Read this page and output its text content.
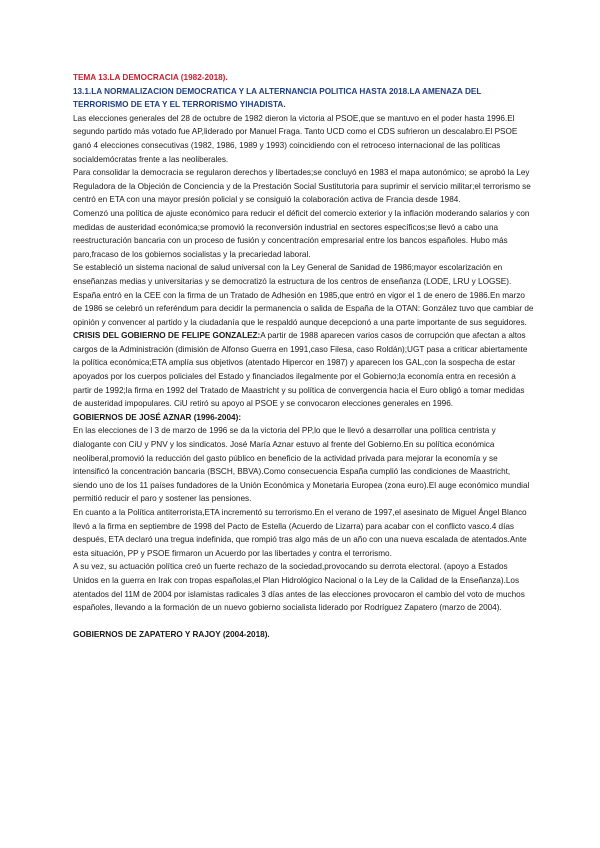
TEMA 13.LA DEMOCRACIA (1982-2018).

13.1.LA NORMALIZACION DEMOCRATICA Y LA ALTERNANCIA POLITICA HASTA 2018.LA AMENAZA DEL TERRORISMO DE ETA Y EL TERRORISMO YIHADISTA.

Las elecciones generales del 28 de octubre de 1982 dieron la victoria al PSOE,que se mantuvo en el poder hasta 1996.El segundo partido más votado fue AP,liderado por Manuel Fraga. Tanto UCD como el CDS sufrieron un descalabro.El PSOE ganó 4 elecciones consecutivas (1982, 1986, 1989 y 1993) coincidiendo con el retroceso internacional de las políticas socialdemócratas frente a las neoliberales.

Para consolidar la democracia se regularon derechos y libertades;se concluyó en 1983 el mapa autonómico; se aprobó la Ley Reguladora de la Objeción de Conciencia y de la Prestación Social Sustitutoria para suprimir el servicio militar;el terrorismo se centró en ETA con una mayor presión policial y se consiguió la colaboración activa de Francia desde 1984.

Comenzó una política de ajuste económico para reducir el déficit del comercio exterior y la inflación moderando salarios y con medidas de austeridad económica;se promovió la reconversión industrial en sectores específicos;se llevó a cabo una reestructuración bancaria con un proceso de fusión y concentración empresarial entre los bancos españoles. Hubo más paro,fracaso de los gobiernos socialistas y la precariedad laboral.

Se estableció un sistema nacional de salud universal con la Ley General de Sanidad de 1986;mayor escolarización en enseñanzas medias y universitarias y se democratizó la estructura de los centros de enseñanza (LODE, LRU y LOGSE).

España entró en la CEE con la firma de un Tratado de Adhesión en 1985,que entró en vigor el 1 de enero de 1986.En marzo de 1986 se celebró un referéndum para decidir la permanencia o salida de España de la OTAN: González tuvo que cambiar de opinión y convencer al partido y la ciudadanía que le respaldó aunque decepcionó a una parte importante de sus seguidores.

CRISIS DEL GOBIERNO DE FELIPE GONZALEZ:A partir de 1988 aparecen varios casos de corrupción que afectan a altos cargos de la Administración (dimisión de Alfonso Guerra en 1991,caso Filesa, caso Roldán);UGT pasa a criticar abiertamente la política económica;ETA amplía sus objetivos (atentado Hipercor en 1987) y aparecen los GAL,con la sospecha de estar apoyados por los cuerpos policiales del Estado y financiados ilegalmente por el Gobierno;la economía entra en recesión a partir de 1992;la firma en 1992 del Tratado de Maastricht y su política de convergencia hacia el Euro obligó a tomar medidas de austeridad impopulares. CiU retiró su apoyo al PSOE y se convocaron elecciones generales en 1996.

GOBIERNOS DE JOSÉ AZNAR (1996-2004):

En las elecciones de l 3 de marzo de 1996 se da la victoria del PP,lo que le llevó a desarrollar una política centrista y dialogante con CiU y PNV y los sindicatos. José María Aznar estuvo al frente del Gobierno.En su política económica neoliberal,promovió la reducción del gasto público en beneficio de la actividad privada para mejorar la economía y se intensificó la concentración bancaria (BSCH, BBVA).Como consecuencia España cumplió las condiciones de Maastricht, siendo uno de los 11 países fundadores de la Unión Económica y Monetaria Europea (zona euro).El auge económico mundial permitió reducir el paro y sostener las pensiones.

En cuanto a la Política antiterrorista,ETA incrementó su terrorismo.En el verano de 1997,el asesinato de Miguel Ángel Blanco llevó a la firma en septiembre de 1998 del Pacto de Estella (Acuerdo de Lizarra) para acabar con el conflicto vasco.4 días después, ETA declaró una tregua indefinida, que rompió tras algo más de un año con una nueva escalada de atentados.Ante esta situación, PP y PSOE firmaron un Acuerdo por las libertades y contra el terrorismo.

A su vez, su actuación política creó un fuerte rechazo de la sociedad,provocando su derrota electoral. (apoyo a Estados Unidos en la guerra en Irak con tropas españolas,el Plan Hidrológico Nacional o la Ley de la Calidad de la Enseñanza).Los atentados del 11M de 2004 por islamistas radicales 3 días antes de las elecciones provocaron el cambio del voto de muchos españoles, llevando a la formación de un nuevo gobierno socialista liderado por Rodríguez Zapatero (marzo de 2004).

GOBIERNOS DE ZAPATERO Y RAJOY (2004-2018).
